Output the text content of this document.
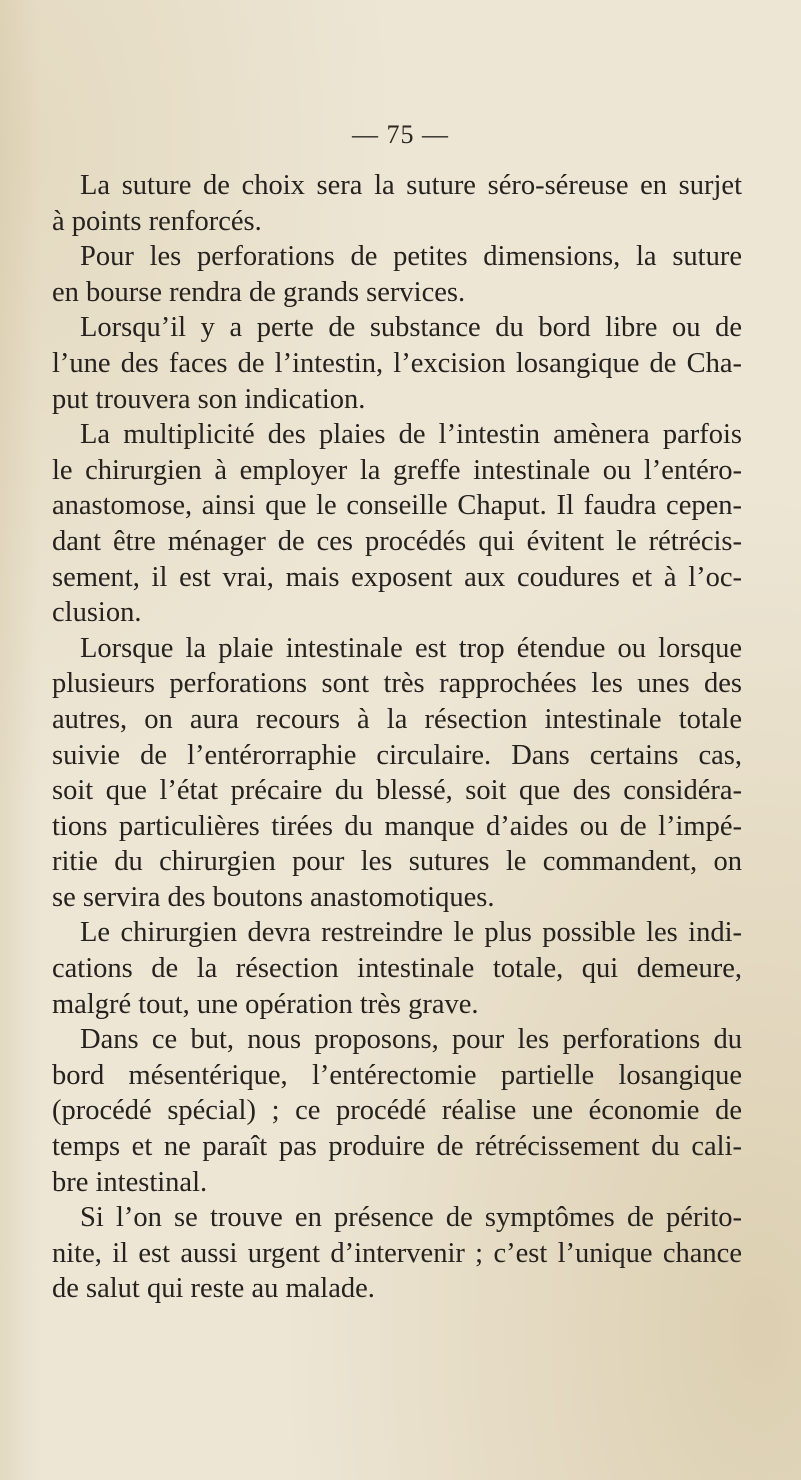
— 75 —
La suture de choix sera la suture séro-séreuse en surjet
à points renforcés.
Pour les perforations de petites dimensions, la suture
en bourse rendra de grands services.
Lorsqu’il y a perte de substance du bord libre ou de
l’une des faces de l’intestin, l’excision losangique de Cha-
put trouvera son indication.
La multiplicité des plaies de l’intestin amènera parfois
le chirurgien à employer la greffe intestinale ou l’entéro-
anastomose, ainsi que le conseille Chaput. Il faudra cepen-
dant être ménager de ces procédés qui évitent le rétrécis-
sement, il est vrai, mais exposent aux coudures et à l’oc-
clusion.
Lorsque la plaie intestinale est trop étendue ou lorsque
plusieurs perforations sont très rapprochées les unes des
autres, on aura recours à la résection intestinale totale
suivie de l’entérorraphie circulaire. Dans certains cas,
soit que l’état précaire du blessé, soit que des considéra-
tions particulières tirées du manque d’aides ou de l’impé-
ritie du chirurgien pour les sutures le commandent, on
se servira des boutons anastomotiques.
Le chirurgien devra restreindre le plus possible les indi-
cations de la résection intestinale totale, qui demeure,
malgré tout, une opération très grave.
Dans ce but, nous proposons, pour les perforations du
bord mésentérique, l’entérectomie partielle losangique
(procédé spécial) ; ce procédé réalise une économie de
temps et ne paraît pas produire de rétrécissement du cali-
bre intestinal.
Si l’on se trouve en présence de symptômes de périto-
nite, il est aussi urgent d’intervenir ; c’est l’unique chance
de salut qui reste au malade.
